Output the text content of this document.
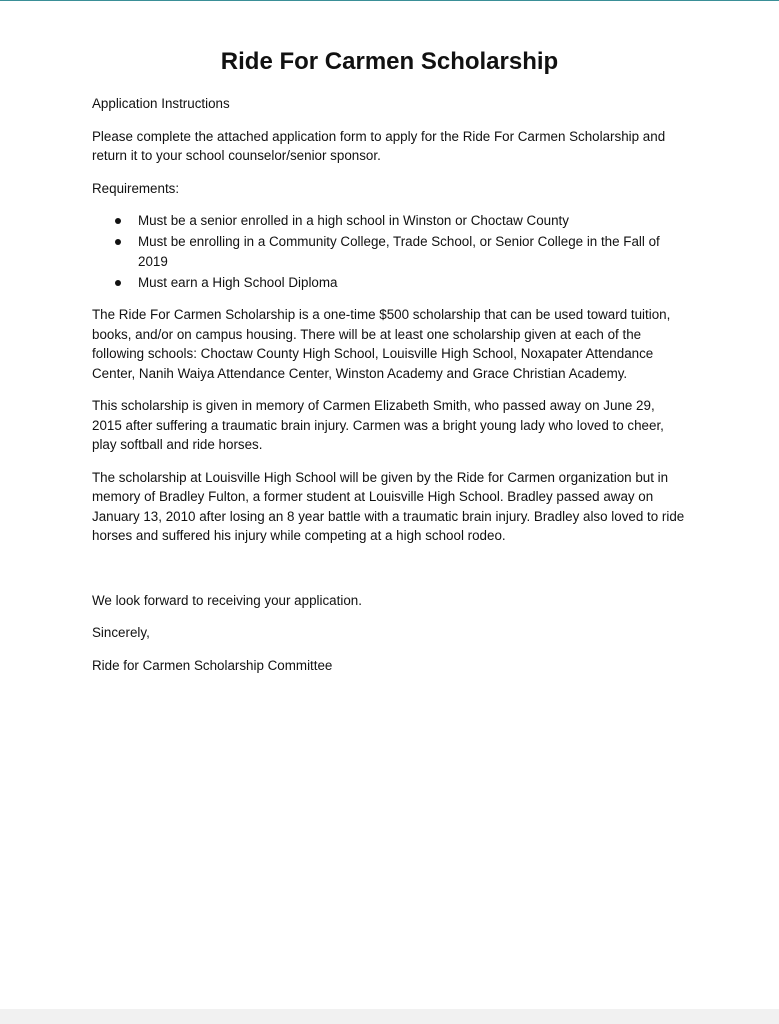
Ride For Carmen Scholarship

Application Instructions

Please complete the attached application form to apply for the Ride For Carmen Scholarship and return it to your school counselor/senior sponsor.

Requirements:

Must be a senior enrolled in a high school in Winston or Choctaw County
Must be enrolling in a Community College, Trade School, or Senior College in the Fall of 2019
Must earn a High School Diploma

The Ride For Carmen Scholarship is a one-time $500 scholarship that can be used toward tuition, books, and/or on campus housing. There will be at least one scholarship given at each of the following schools: Choctaw County High School, Louisville High School, Noxapater Attendance Center, Nanih Waiya Attendance Center, Winston Academy and Grace Christian Academy.

This scholarship is given in memory of Carmen Elizabeth Smith, who passed away on June 29, 2015 after suffering a traumatic brain injury. Carmen was a bright young lady who loved to cheer, play softball and ride horses.

The scholarship at Louisville High School will be given by the Ride for Carmen organization but in memory of Bradley Fulton, a former student at Louisville High School. Bradley passed away on January 13, 2010 after losing an 8 year battle with a traumatic brain injury. Bradley also loved to ride horses and suffered his injury while competing at a high school rodeo.

We look forward to receiving your application.

Sincerely,

Ride for Carmen Scholarship Committee
